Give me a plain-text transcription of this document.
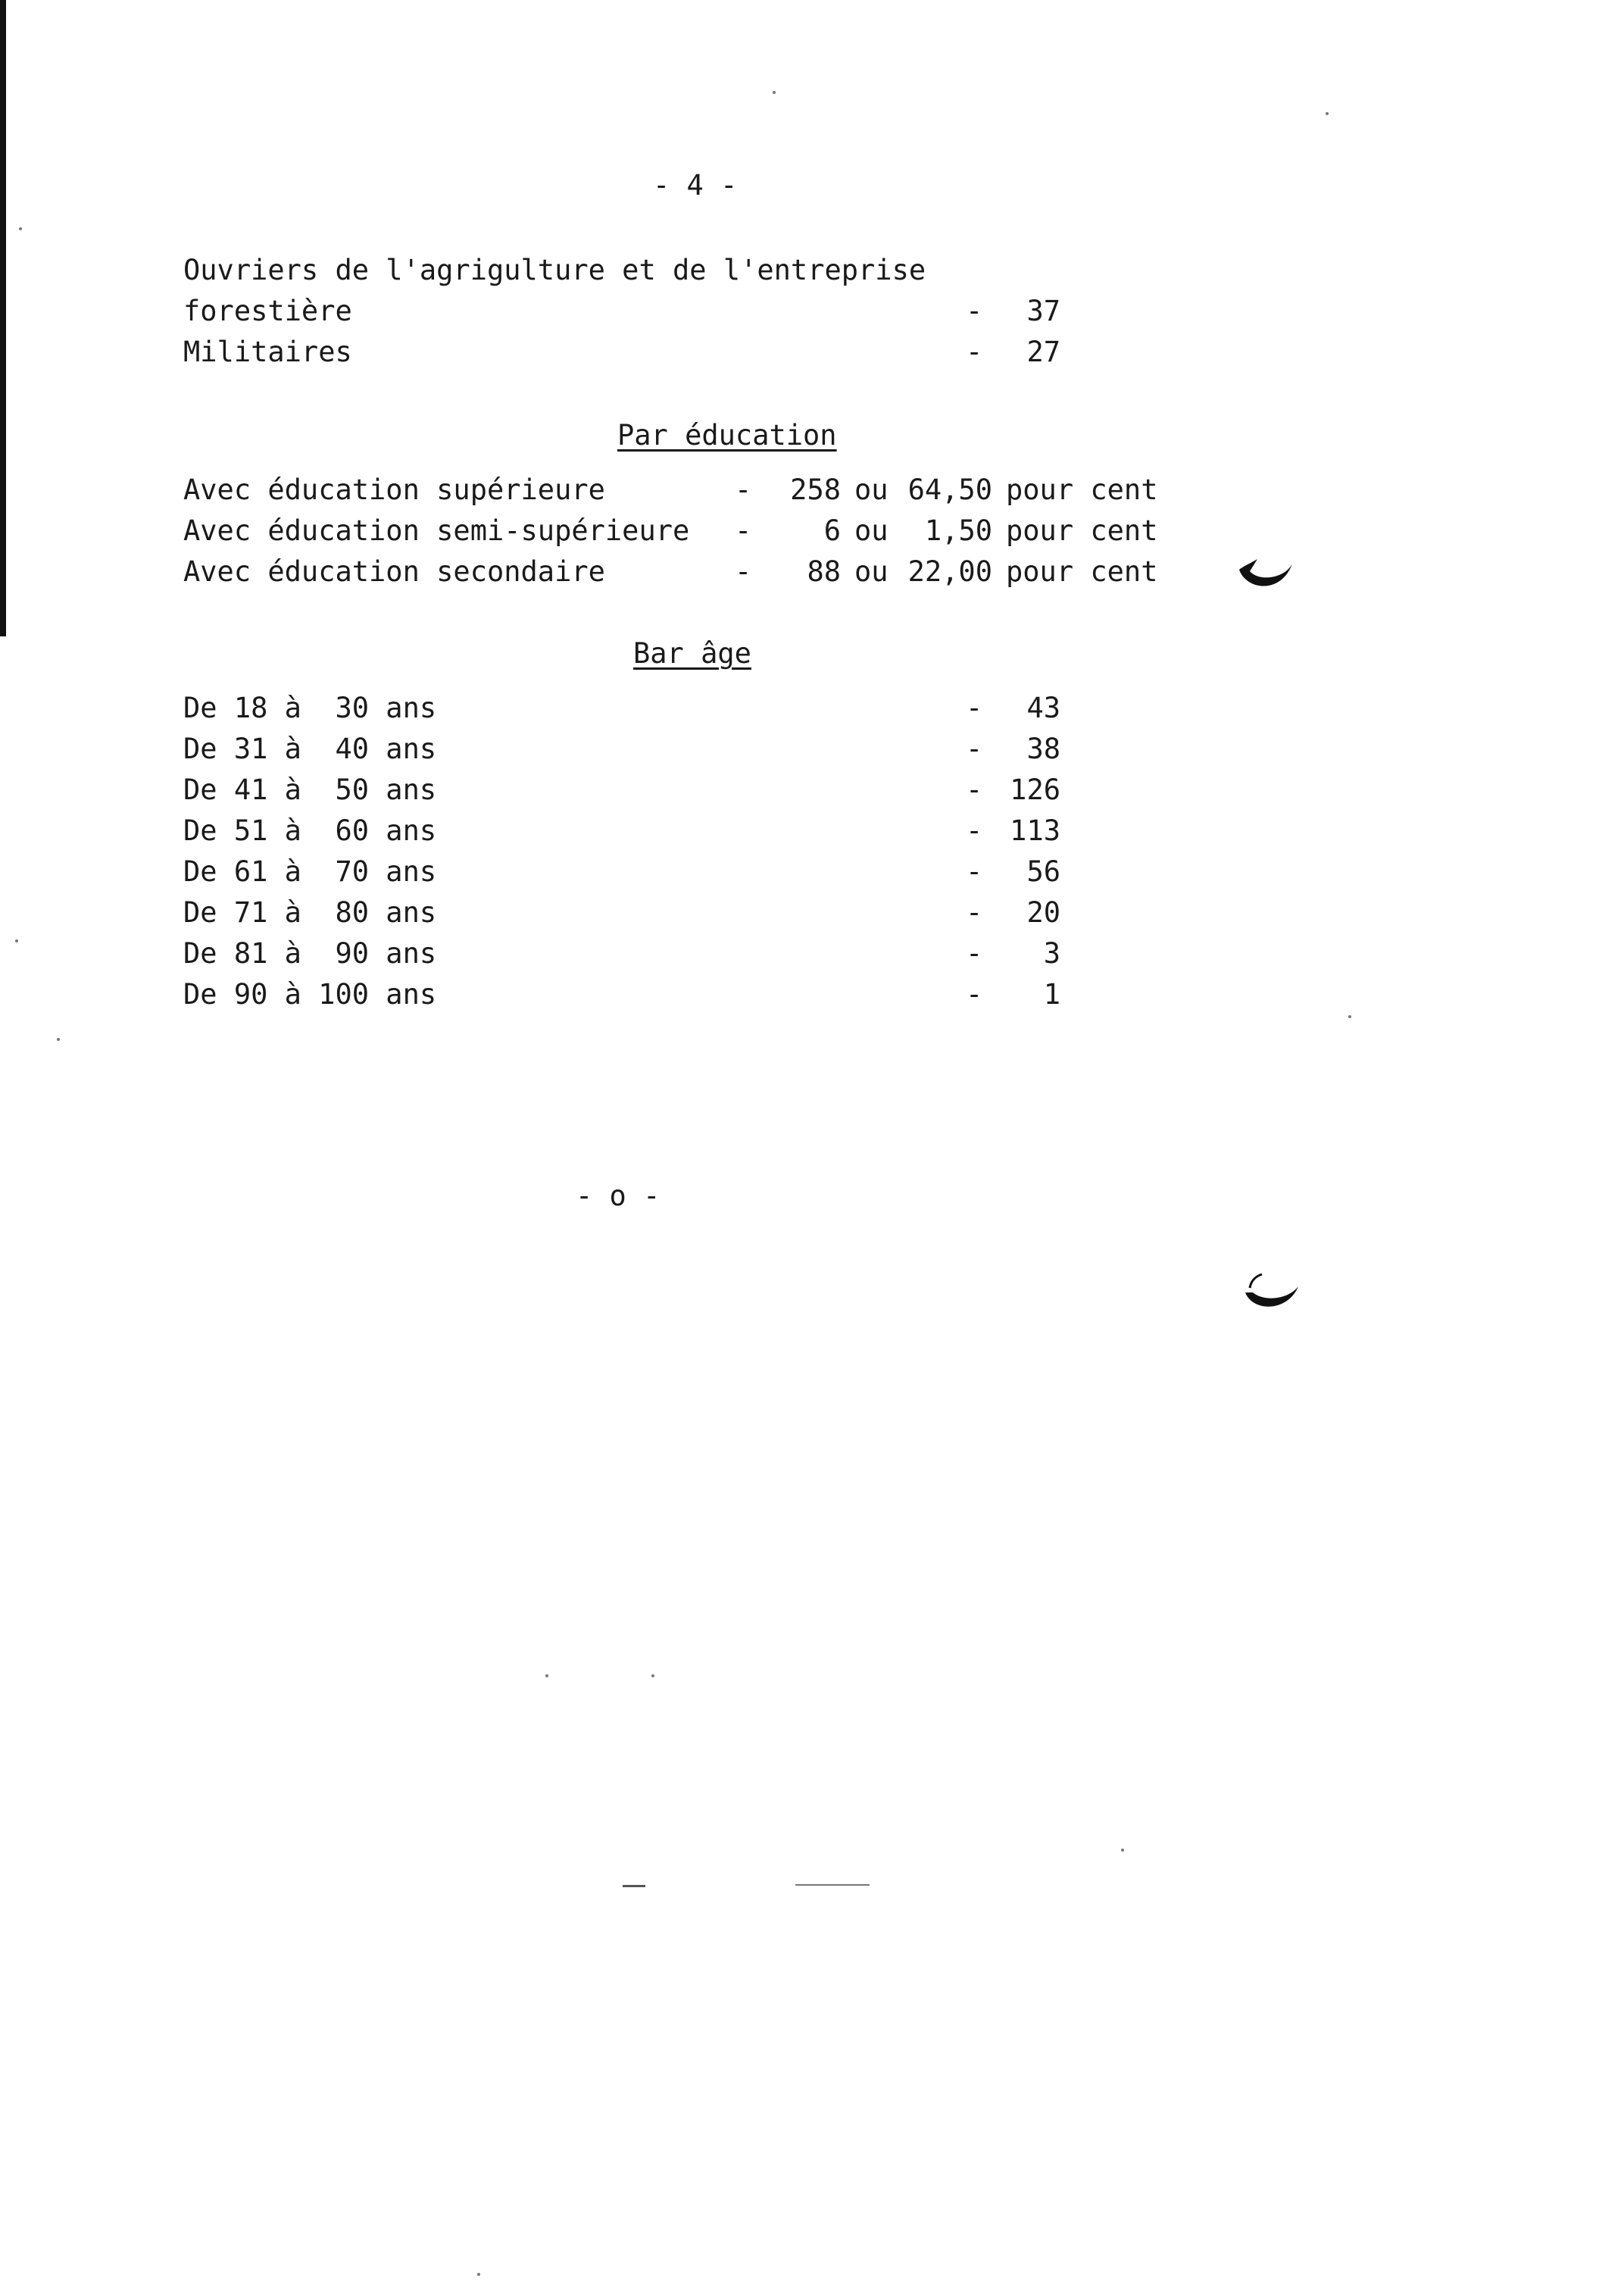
- 4 -
Ouvriers de l'agrigulture et de l'entreprise
forestière	-	37
Militaires	-	27
Par éducation
Avec éducation supérieure	-	258 ou 64,50 pour cent
Avec éducation semi-supérieure -	6 ou	1,50 pour cent
Avec éducation secondaire	-	88 ou 22,00 pour cent
Bar âge
De 18 à  30 ans	-	43
De 31 à  40 ans	-	38
De 41 à  50 ans	- 126
De 51 à  60 ans	- 113
De 61 à  70 ans	-	56
De 71 à  80 ans	-	20
De 81 à  90 ans	-	3
De 90 à 100 ans	-	1
- o -
